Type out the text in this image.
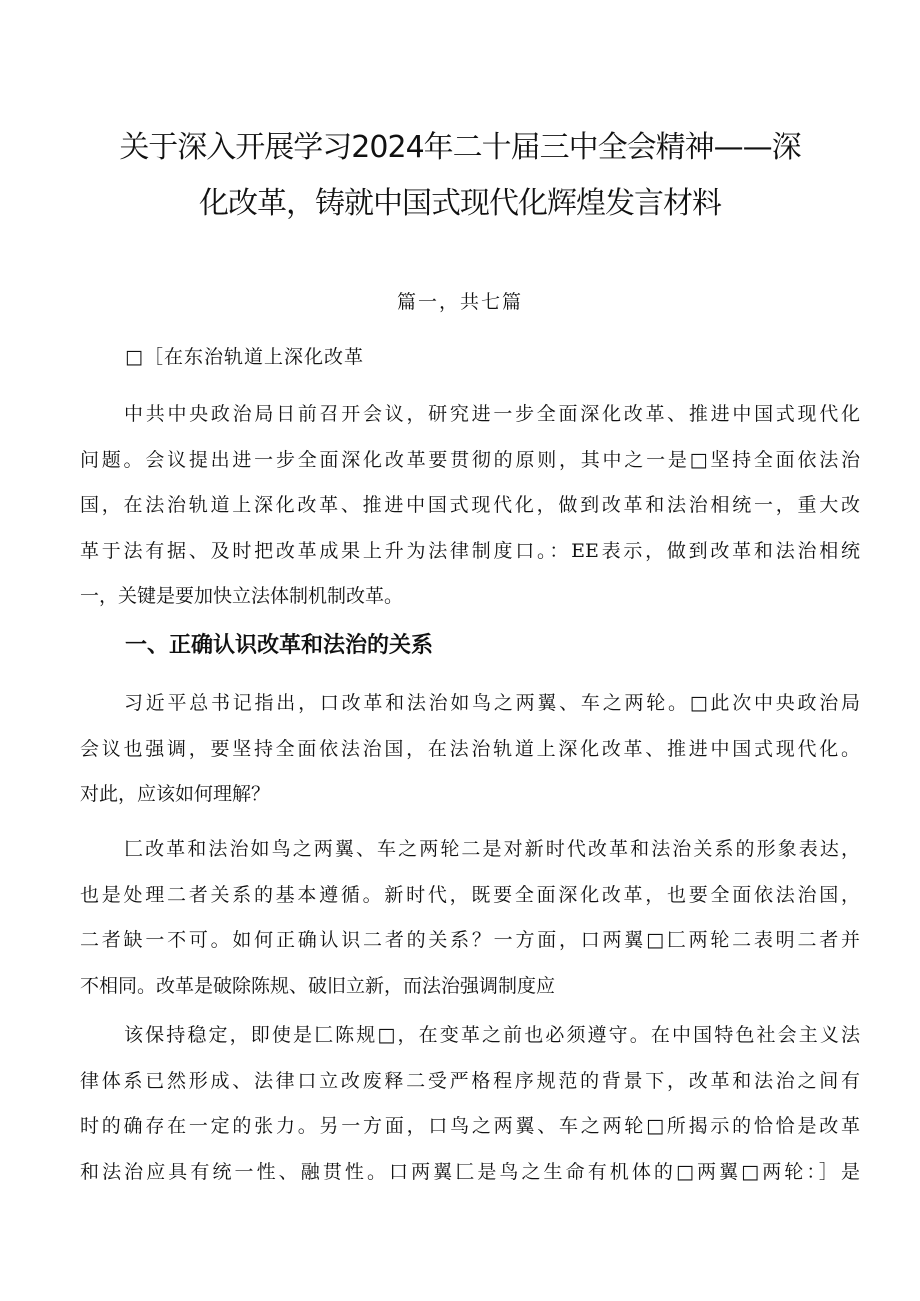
关于深入开展学习2024年二十届三中全会精神——深
化改革，铸就中国式现代化辉煌发言材料
篇一，共七篇
□［在东治轨道上深化改革
中共中央政治局日前召开会议，研究进一步全面深化改革、推进中国式现代化
问题。会议提出进一步全面深化改革要贯彻的原则，其中之一是□坚持全面依法治
国，在法治轨道上深化改革、推进中国式现代化，做到改革和法治相统一，重大改
革于法有据、及时把改革成果上升为法律制度口。：EE表示，做到改革和法治相统
一，关键是要加快立法体制机制改革。
一、正确认识改革和法治的关系
习近平总书记指出，口改革和法治如鸟之两翼、车之两轮。□此次中央政治局
会议也强调，要坚持全面依法治国，在法治轨道上深化改革、推进中国式现代化。
对此，应该如何理解？
匚改革和法治如鸟之两翼、车之两轮二是对新时代改革和法治关系的形象表达，
也是处理二者关系的基本遵循。新时代，既要全面深化改革，也要全面依法治国，
二者缺一不可。如何正确认识二者的关系？一方面，口两翼□匚两轮二表明二者并
不相同。改革是破除陈规、破旧立新，而法治强调制度应
该保持稳定，即使是匚陈规□，在变革之前也必须遵守。在中国特色社会主义法
律体系已然形成、法律口立改废释二受严格程序规范的背景下，改革和法治之间有
时的确存在一定的张力。另一方面，口鸟之两翼、车之两轮□所揭示的恰恰是改革
和法治应具有统一性、融贯性。口两翼匚是鸟之生命有机体的□两翼□两轮：］是
